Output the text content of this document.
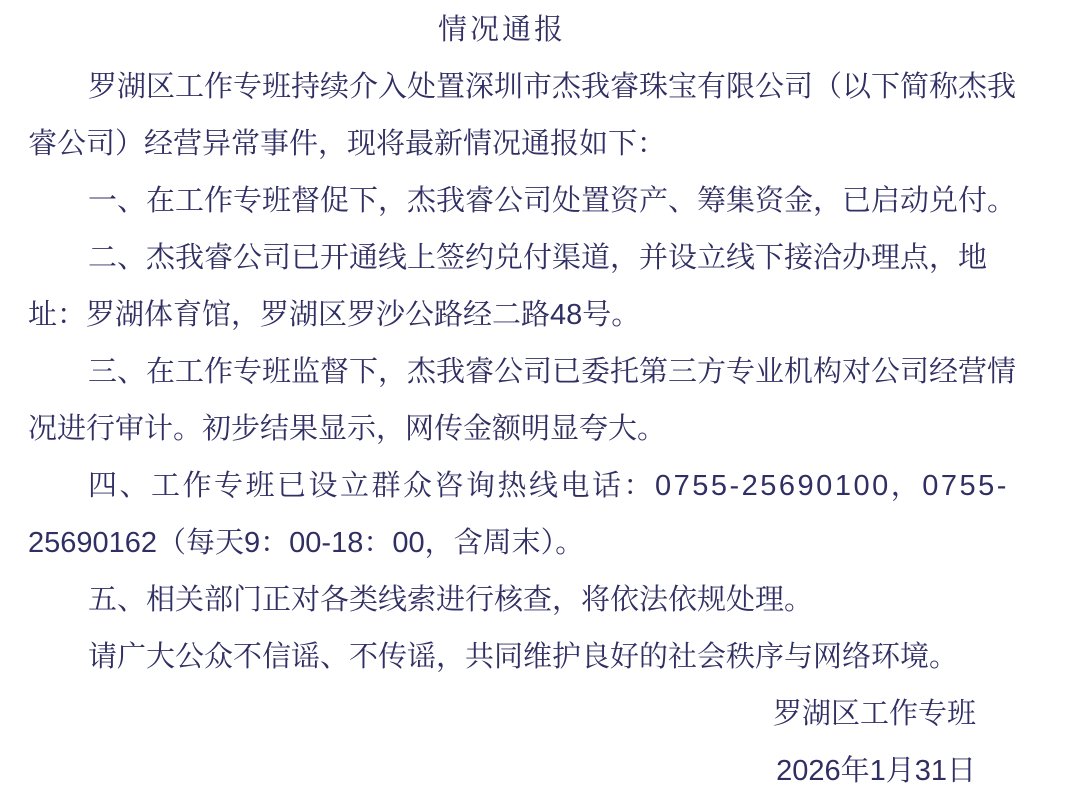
情况通报
罗湖区工作专班持续介入处置深圳市杰我睿珠宝有限公司（以下简称杰我
睿公司）经营异常事件，现将最新情况通报如下：
一、在工作专班督促下，杰我睿公司处置资产、筹集资金，已启动兑付。
二、杰我睿公司已开通线上签约兑付渠道，并设立线下接洽办理点，地
址：罗湖体育馆，罗湖区罗沙公路经二路48号。
三、在工作专班监督下，杰我睿公司已委托第三方专业机构对公司经营情
况进行审计。初步结果显示，网传金额明显夸大。
四、工作专班已设立群众咨询热线电话：0755-25690100，0755-
25690162（每天9：00-18：00，含周末）。
五、相关部门正对各类线索进行核查，将依法依规处理。
请广大公众不信谣、不传谣，共同维护良好的社会秩序与网络环境。
罗湖区工作专班
2026年1月31日
